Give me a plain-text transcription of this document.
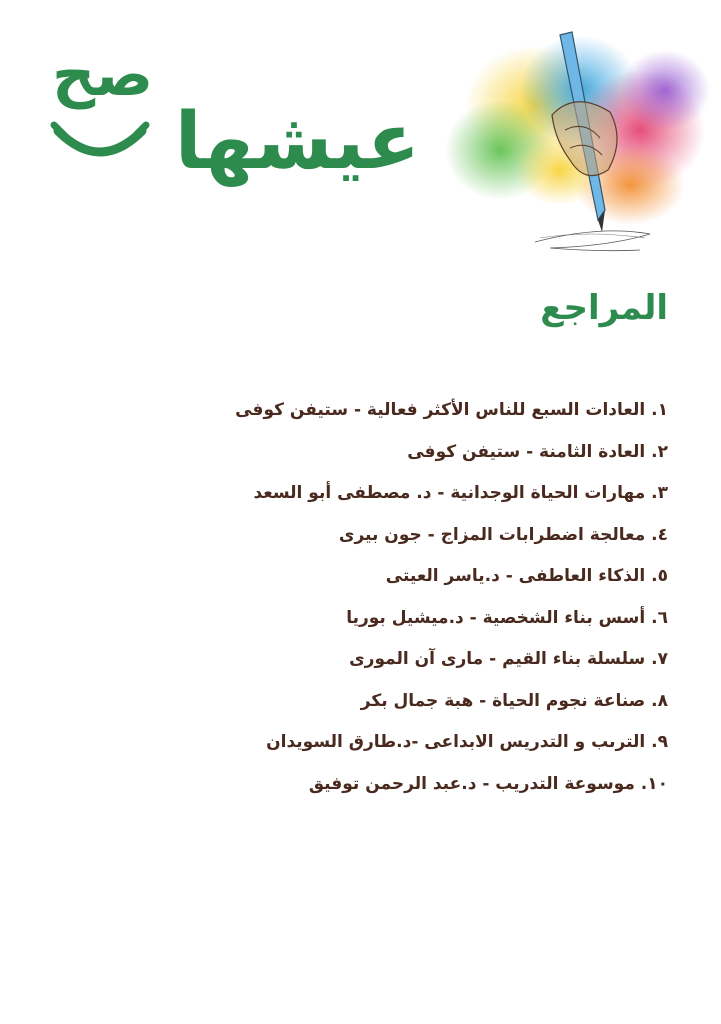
صح
عيشها
المراجع
١. العادات السبع للناس الأكثر فعالية - ستيفن كوفى
٢. العادة الثامنة - ستيفن كوفى
٣. مهارات الحياة الوجدانية - د. مصطفى أبو السعد
٤. معالجة اضطرابات المزاج - جون بيرى
٥. الذكاء العاطفى - د.ياسر العيتى
٦. أسس بناء الشخصية - د.ميشيل بوريا
٧. سلسلة بناء القيم - مارى آن المورى
٨. صناعة نجوم الحياة - هبة جمال بكر
٩. الترىب و التدريس الابداعى -د.طارق السويدان
١٠. موسوعة التدريب - د.عبد الرحمن توفيق
